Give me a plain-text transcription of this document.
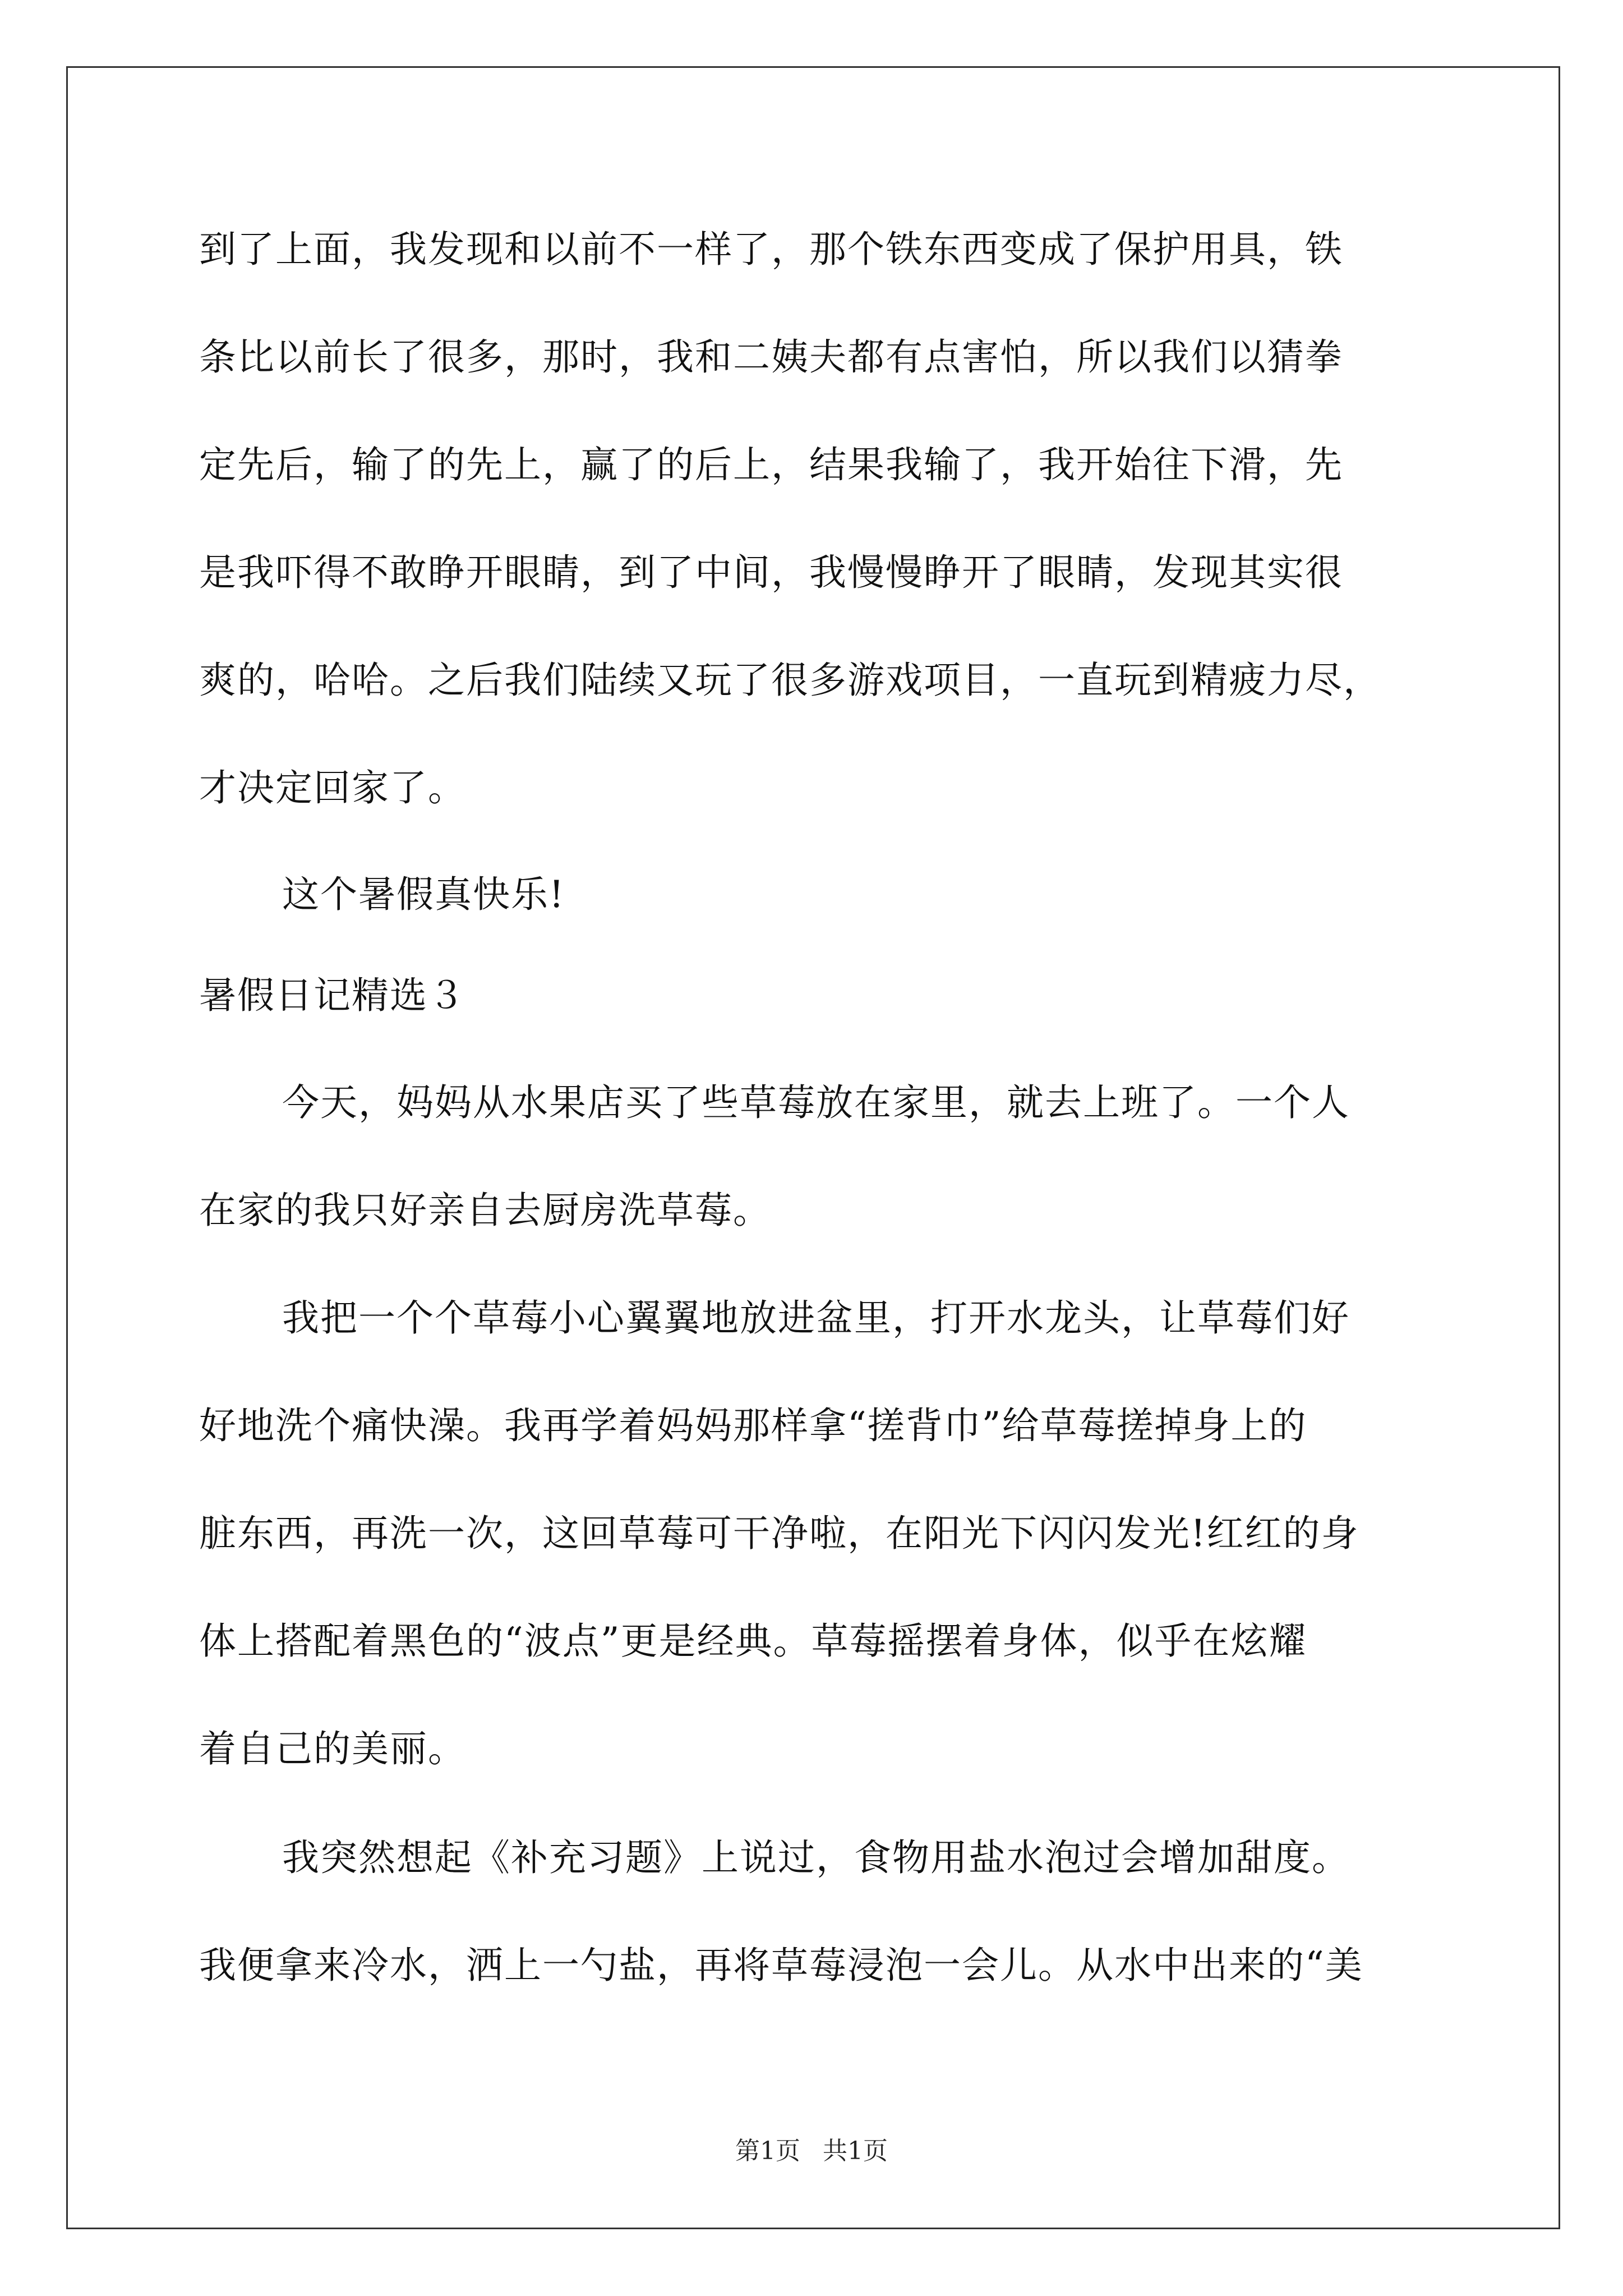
到了上面，我发现和以前不一样了，那个铁东西变成了保护用具，铁
条比以前长了很多，那时，我和二姨夫都有点害怕，所以我们以猜拳
定先后，输了的先上，赢了的后上，结果我输了，我开始往下滑，先
是我吓得不敢睁开眼睛，到了中间，我慢慢睁开了眼睛，发现其实很
爽的，哈哈。之后我们陆续又玩了很多游戏项目，一直玩到精疲力尽，
才决定回家了。
这个暑假真快乐!
暑假日记精选３
今天，妈妈从水果店买了些草莓放在家里，就去上班了。一个人
在家的我只好亲自去厨房洗草莓。
我把一个个草莓小心翼翼地放进盆里，打开水龙头，让草莓们好
好地洗个痛快澡。我再学着妈妈那样拿“搓背巾”给草莓搓掉身上的
脏东西，再洗一次，这回草莓可干净啦，在阳光下闪闪发光!红红的身
体上搭配着黑色的“波点”更是经典。草莓摇摆着身体，似乎在炫耀
着自己的美丽。
我突然想起《补充习题》上说过，食物用盐水泡过会增加甜度。
我便拿来冷水，洒上一勺盐，再将草莓浸泡一会儿。从水中出来的“美
第1页 共1页
